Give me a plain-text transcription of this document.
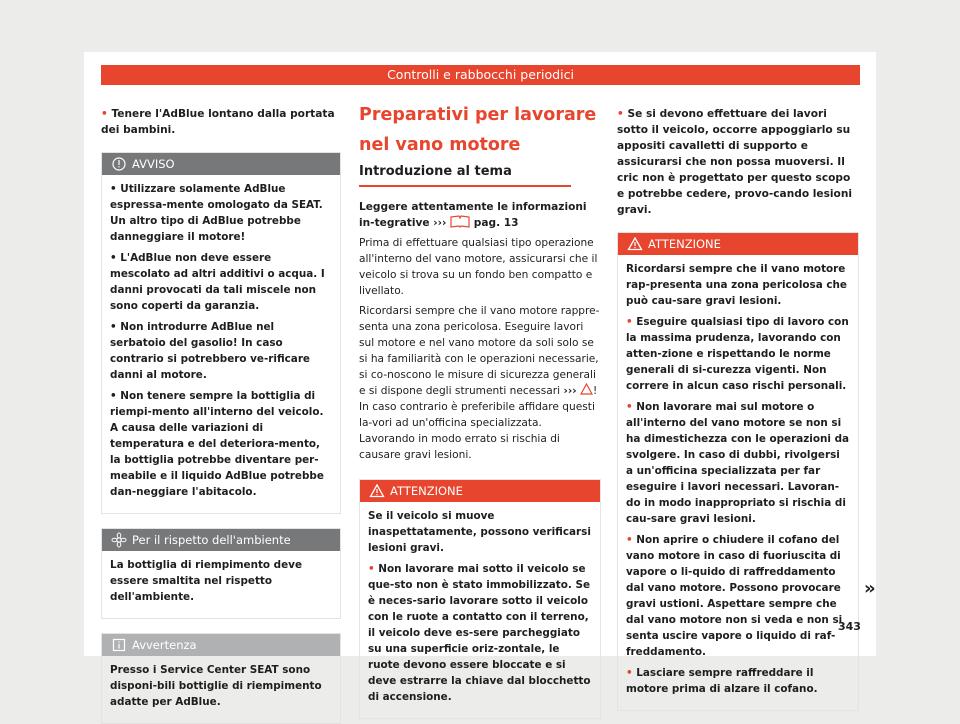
Controlli e rabbocchi periodici

• Tenere l'AdBlue lontano dalla portata dei bambini.

AVVISO

• Utilizzare solamente AdBlue espressa-mente omologato da SEAT. Un altro tipo di AdBlue potrebbe danneggiare il motore!

• L'AdBlue non deve essere mescolato ad altri additivi o acqua. I danni provocati da tali miscele non sono coperti da garanzia.

• Non introdurre AdBlue nel serbatoio del gasolio! In caso contrario si potrebbero ve-rificare danni al motore.

• Non tenere sempre la bottiglia di riempi-mento all'interno del veicolo. A causa delle variazioni di temperatura e del deteriora-mento, la bottiglia potrebbe diventare per-meabile e il liquido AdBlue potrebbe dan-neggiare l'abitacolo.

Per il rispetto dell'ambiente

La bottiglia di riempimento deve essere smaltita nel rispetto dell'ambiente.

Avvertenza

Presso i Service Center SEAT sono disponi-bili bottiglie di riempimento adatte per AdBlue.

Preparativi per lavorare nel vano motore
Introduzione al tema

Leggere attentamente le informazioni in-tegrative ›››	pag. 13

Prima di effettuare qualsiasi tipo operazione all'interno del vano motore, assicurarsi che il veicolo si trova su un fondo ben compatto e livellato.

Ricordarsi sempre che il vano motore rappre-senta una zona pericolosa. Eseguire lavori sul motore e nel vano motore da soli solo se si ha familiarità con le operazioni necessarie, si co-noscono le misure di sicurezza generali e si dispone degli strumenti necessari ››› ! In caso contrario è preferibile affidare questi la-vori ad un'officina specializzata. Lavorando in modo errato si rischia di causare gravi lesioni.

ATTENZIONE

Se il veicolo si muove inaspettatamente, possono verificarsi lesioni gravi.

• Non lavorare mai sotto il veicolo se que-sto non è stato immobilizzato. Se è neces-sario lavorare sotto il veicolo con le ruote a contatto con il terreno, il veicolo deve es-sere parcheggiato su una superficie oriz-zontale, le ruote devono essere bloccate e si deve estrarre la chiave dal blocchetto di accensione.

• Se si devono effettuare dei lavori sotto il veicolo, occorre appoggiarlo su appositi cavalletti di supporto e assicurarsi che non possa muoversi. Il cric non è progettato per questo scopo e potrebbe cedere, provo-cando lesioni gravi.

ATTENZIONE

Ricordarsi sempre che il vano motore rap-presenta una zona pericolosa che può cau-sare gravi lesioni.

• Eseguire qualsiasi tipo di lavoro con la massima prudenza, lavorando con atten-zione e rispettando le norme generali di si-curezza vigenti. Non correre in alcun caso rischi personali.

• Non lavorare mai sul motore o all'interno del vano motore se non si ha dimestichezza con le operazioni da svolgere. In caso di dubbi, rivolgersi a un'officina specializzata per far eseguire i lavori necessari. Lavoran-do in modo inappropriato si rischia di cau-sare gravi lesioni.

• Non aprire o chiudere il cofano del vano motore in caso di fuoriuscita di vapore o li-quido di raffreddamento dal vano motore. Possono provocare gravi ustioni. Aspettare sempre che dal vano motore non si veda e non si senta uscire vapore o liquido di raf-freddamento.

• Lasciare sempre raffreddare il motore prima di alzare il cofano.

»
343
